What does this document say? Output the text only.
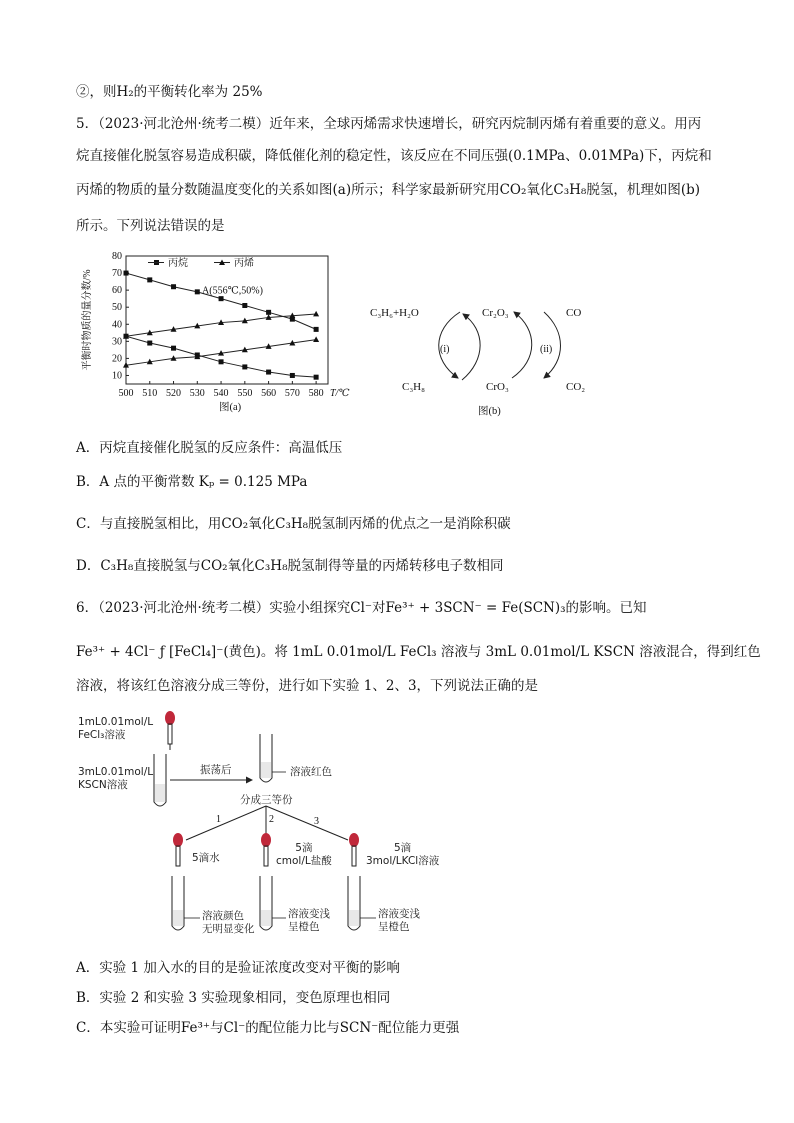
②，则H₂的平衡转化率为 25%
5．（2023·河北沧州·统考二模）近年来，全球丙烯需求快速增长，研究丙烷制丙烯有着重要的意义。用丙
烷直接催化脱氢容易造成积碳，降低催化剂的稳定性，该反应在不同压强(0.1MPa、0.01MPa)下，丙烷和
丙烯的物质的量分数随温度变化的关系如图(a)所示；科学家最新研究用CO₂氧化C₃H₈脱氢，机理如图(b)
所示。下列说法错误的是
10
20
30
40
50
60
70
80
500 510 520 530 540 550 560 570 580 T/℃
图(a)
平衡时物质的量分数/%
丙烷	丙烯
A(556℃,50%)
C₃H₆+H₂O
C₃H₈
Cr₂O₃
CrO₃
CO
CO₂
(i)	(ii)
图(b)
A．丙烷直接催化脱氢的反应条件：高温低压
B．A 点的平衡常数 Kₚ = 0.125 MPa
C．与直接脱氢相比，用CO₂氧化C₃H₈脱氢制丙烯的优点之一是消除积碳
D．C₃H₈直接脱氢与CO₂氧化C₃H₈脱氢制得等量的丙烯转移电子数相同
6．（2023·河北沧州·统考二模）实验小组探究Cl⁻对Fe³⁺ + 3SCN⁻ = Fe(SCN)₃的影响。已知
Fe³⁺ + 4Cl⁻ ƒ [FeCl₄]⁻(黄色)。将 1mL 0.01mol/L FeCl₃ 溶液与 3mL 0.01mol/L KSCN 溶液混合，得到红色
溶液，将该红色溶液分成三等份，进行如下实验 1、2、3，下列说法正确的是
1	2	3
1mL0.01mol/L
FeCl₃溶液
3mL0.01mol/L
KSCN溶液
振荡后	溶液红色
分成三等份
5滴水
5滴
cmol/L盐酸
5滴
3mol/LKCl溶液
溶液颜色
无明显变化
溶液变浅
呈橙色
溶液变浅
呈橙色
A．实验 1 加入水的目的是验证浓度改变对平衡的影响
B．实验 2 和实验 3 实验现象相同，变色原理也相同
C．本实验可证明Fe³⁺与Cl⁻的配位能力比与SCN⁻配位能力更强
